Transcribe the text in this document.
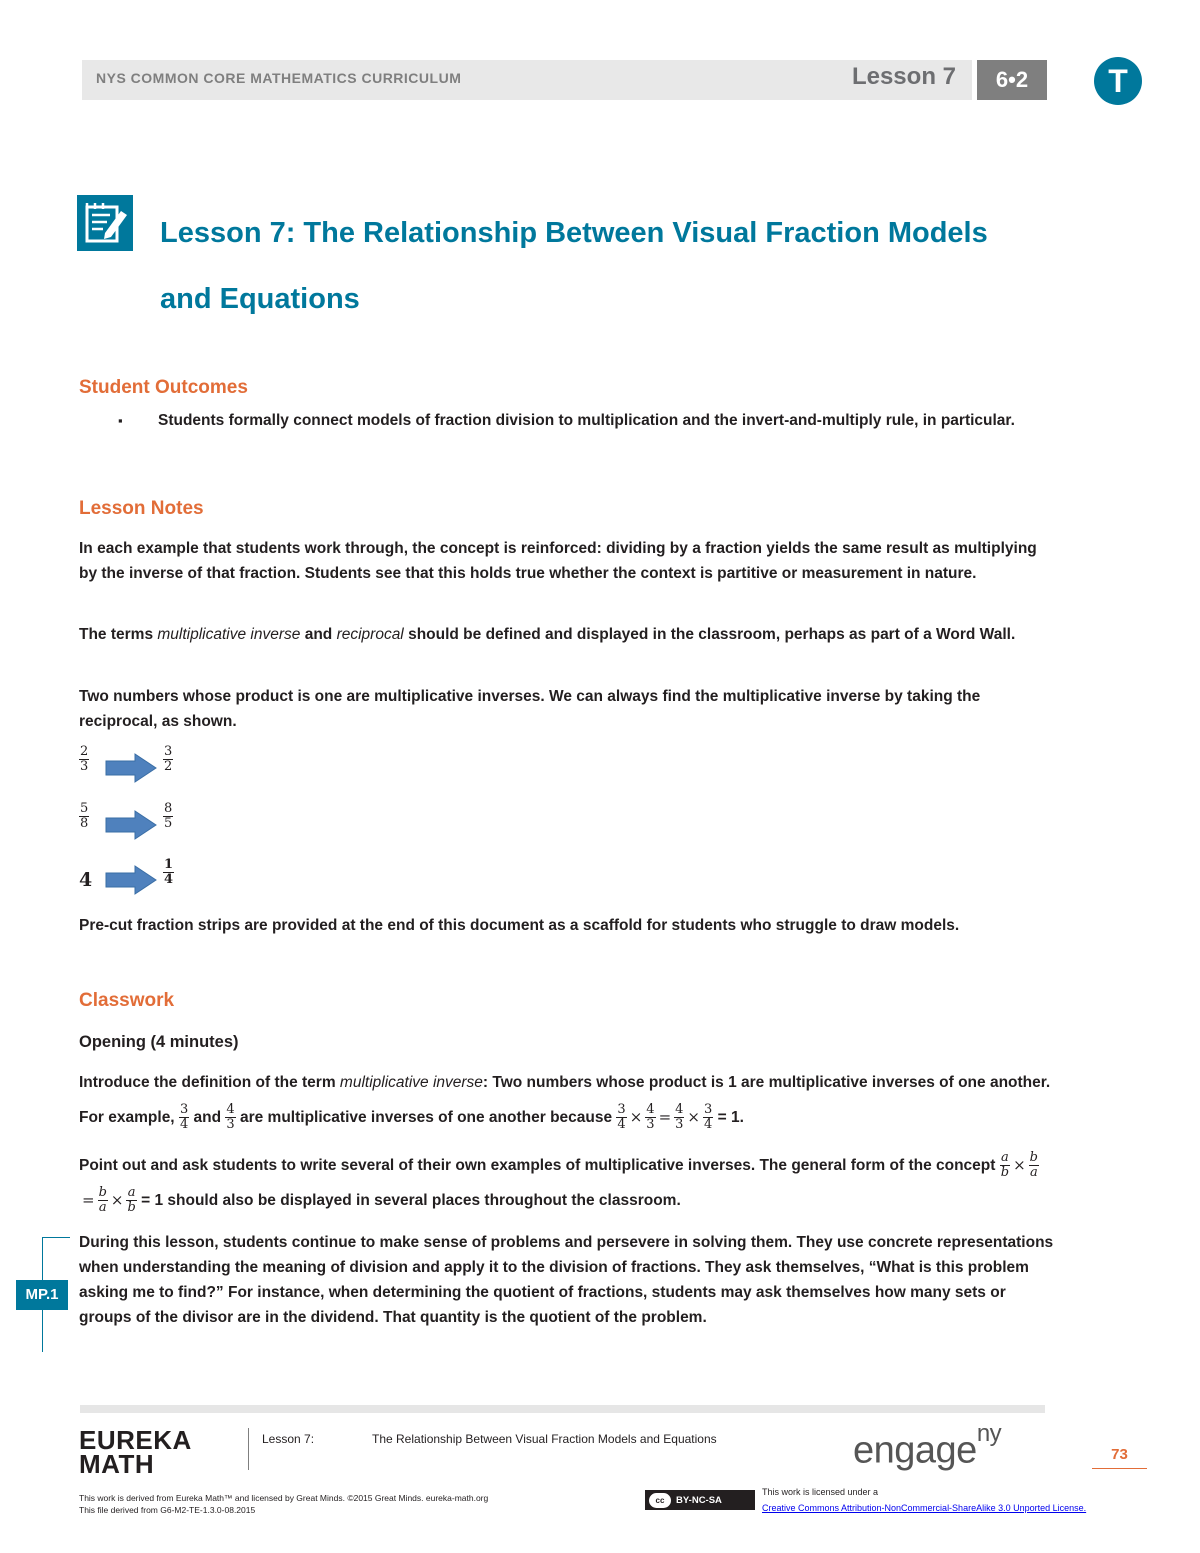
NYS COMMON CORE MATHEMATICS CURRICULUM	Lesson 7	6•2	T
Lesson 7: The Relationship Between Visual Fraction Models
and Equations
Student Outcomes
▪ Students formally connect models of fraction division to multiplication and the invert-and-multiply rule, in particular.
Lesson Notes
In each example that students work through, the concept is reinforced: dividing by a fraction yields the same result as multiplying by the inverse of that fraction. Students see that this holds true whether the context is partitive or measurement in nature.
The terms multiplicative inverse and reciprocal should be defined and displayed in the classroom, perhaps as part of a Word Wall.
Two numbers whose product is one are multiplicative inverses. We can always find the multiplicative inverse by taking the reciprocal, as shown.
$\frac{2}{3}$	$\frac{3}{2}$
$\frac{5}{8}$	$\frac{8}{5}$
4	$\frac{1}{4}$
Pre-cut fraction strips are provided at the end of this document as a scaffold for students who struggle to draw models.
Classwork
Opening (4 minutes)
Introduce the definition of the term multiplicative inverse: Two numbers whose product is 1 are multiplicative inverses of one another. For example, $\frac{3}{4}$ and $\frac{4}{3}$ are multiplicative inverses of one another because $\frac{3}{4} \times \frac{4}{3} = \frac{4}{3} \times \frac{3}{4} = 1$.
Point out and ask students to write several of their own examples of multiplicative inverses. The general form of the concept $\frac{a}{b} \times \frac{b}{a}$
= $\frac{b}{a} \times \frac{a}{b} = 1$ should also be displayed in several places throughout the classroom.
MP.1
During this lesson, students continue to make sense of problems and persevere in solving them. They use concrete representations when understanding the meaning of division and apply it to the division of fractions. They ask themselves, “What is this problem asking me to find?” For instance, when determining the quotient of fractions, students may ask themselves how many sets or groups of the divisor are in the dividend. That quantity is the quotient of the problem.
EUREKA
MATH
Lesson 7:	The Relationship Between Visual Fraction Models and Equations	engage$^{ny}$
73
This work is derived from Eureka Math™ and licensed by Great Minds. ©2015 Great Minds. eureka-math.org
This file derived from G6-M2-TE-1.3.0-08.2015
cc	BY-NC-SA
This work is licensed under a
Creative Commons Attribution-NonCommercial-ShareAlike 3.0 Unported License.
